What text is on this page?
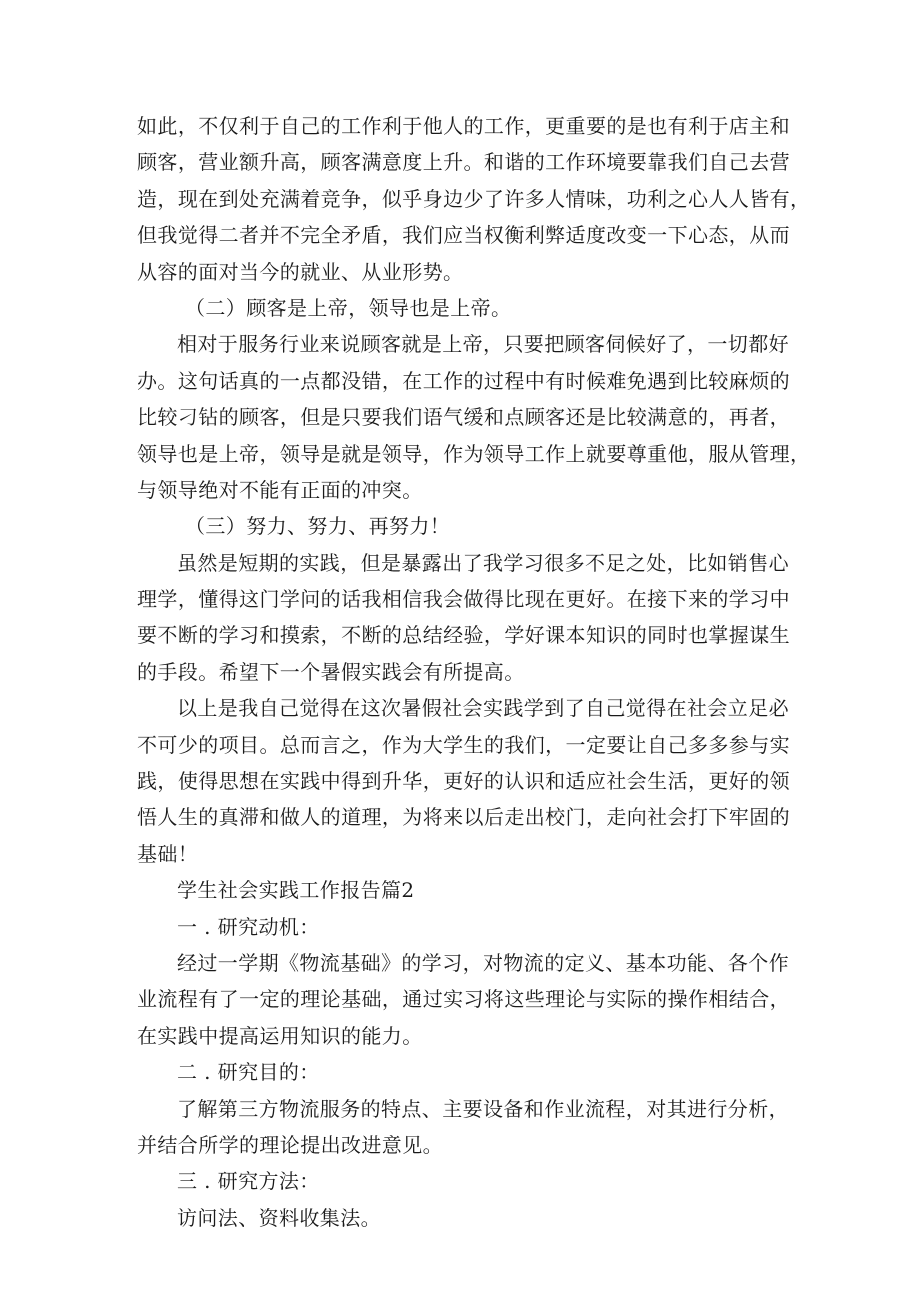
如 此 ， 不 仅 利 于 自 己 的 工 作 利 于 他 人 的 工 作 ， 更 重 要 的 是 也 有 利 于 店 主 和
顾 客 ， 营 业 额 升 高 ， 顾 客 满 意 度 上 升 。 和 谐 的 工 作 环 境 要 靠 我 们 自 己 去 营
造 ， 现 在 到 处 充 满 着 竞 争 ， 似 乎 身 边 少 了 许 多 人 情 味 ， 功 利 之 心 人 人 皆 有 ，
但 我 觉 得 二 者 并 不 完 全 矛 盾 ， 我 们 应 当 权 衡 利 弊 适 度 改 变 一 下 心 态 ， 从 而
从容的面对当今的就业、从业形势。
（二）顾客是上帝，领导也是上帝。
相对于服务行业来说顾客就是上帝，只要把顾客伺候好了，一切都好
办 。 这 句 话 真 的 一 点 都 没 错 ， 在 工 作 的 过 程 中 有 时 候 难 免 遇 到 比 较 麻 烦 的
比 较 刁 钻 的 顾 客 ， 但 是 只 要 我 们 语 气 缓 和 点 顾 客 还 是 比 较 满 意 的 ， 再 者 ，
领 导 也 是 上 帝 ， 领 导 是 就 是 领 导 ， 作 为 领 导 工 作 上 就 要 尊 重 他 ， 服 从 管 理 ，
与领导绝对不能有正面的冲突。
（三）努力、努力、再努力！
虽然是短期的实践，但是暴露出了我学习很多不足之处，比如销售心
理 学 ， 懂 得 这 门 学 问 的 话 我 相 信 我 会 做 得 比 现 在 更 好 。 在 接 下 来 的 学 习 中
要 不 断 的 学 习 和 摸 索 ， 不 断 的 总 结 经 验 ， 学 好 课 本 知 识 的 同 时 也 掌 握 谋 生
的手段。希望下一个暑假实践会有所提高。
以上是我自己觉得在这次暑假社会实践学到了自己觉得在社会立足必
不 可 少 的 项 目 。 总 而 言 之 ， 作 为 大 学 生 的 我 们 ， 一 定 要 让 自 己 多 多 参 与 实
践 ， 使 得 思 想 在 实 践 中 得 到 升 华 ， 更 好 的 认 识 和 适 应 社 会 生 活 ， 更 好 的 领
悟 人 生 的 真 滞 和 做 人 的 道 理 ， 为 将 来 以 后 走 出 校 门 ， 走 向 社 会 打 下 牢 固 的
基础！
学生社会实践工作报告篇2
一 . 研究动机：
经过一学期《物流基础》的学习，对物流的定义、基本功能、各个作
业 流 程 有 了 一 定 的 理 论 基 础 ， 通 过 实 习 将 这 些 理 论 与 实 际 的 操 作 相 结 合 ，
在实践中提高运用知识的能力。
二 . 研究目的：
了解第三方物流服务的特点、主要设备和作业流程，对其进行分析，
并结合所学的理论提出改进意见。
三 . 研究方法：
访问法、资料收集法。
